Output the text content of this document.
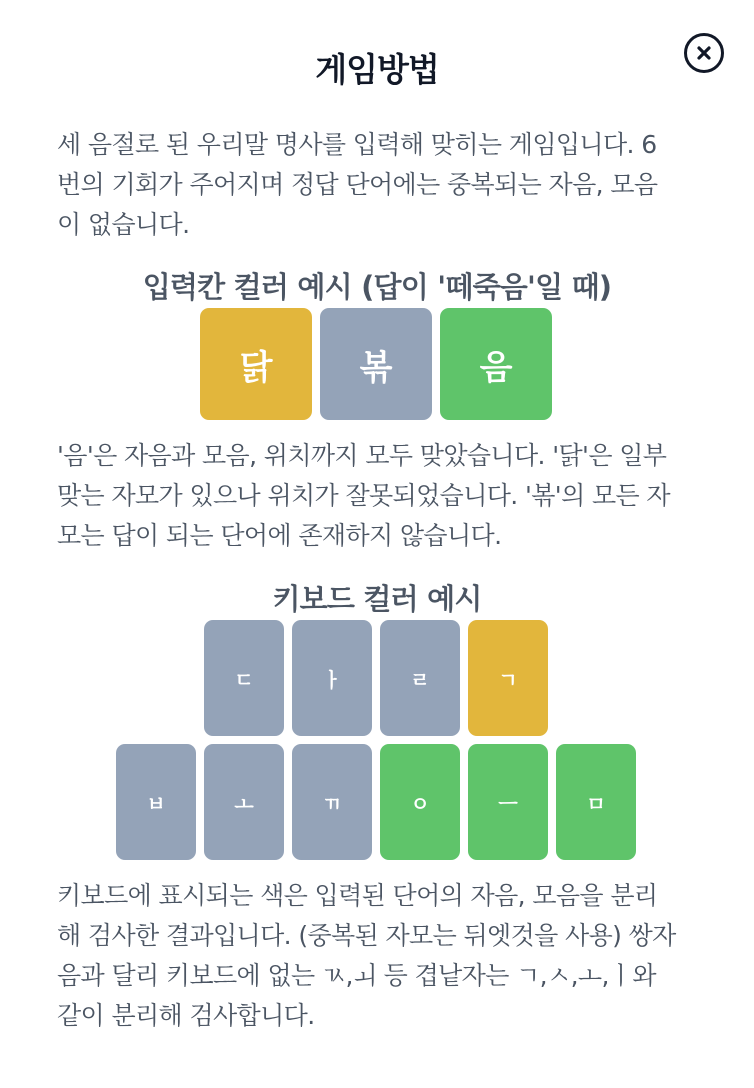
게임방법
세 음절로 된 우리말 명사를 입력해 맞히는 게임입니다. 6
번의 기회가 주어지며 정답 단어에는 중복되는 자음, 모음
이 없습니다.
입력칸 컬러 예시 (답이 '떼죽음'일 때)
닭	볶	음
'음'은 자음과 모음, 위치까지 모두 맞았습니다. '닭'은 일부
맞는 자모가 있으나 위치가 잘못되었습니다. '볶'의 모든 자
모는 답이 되는 단어에 존재하지 않습니다.
키보드 컬러 예시
ㄷ	ㅏ	ㄹ	ㄱ
ㅂ	ㅗ	ㄲ	ㅇ	ㅡ	ㅁ
키보드에 표시되는 색은 입력된 단어의 자음, 모음을 분리
해 검사한 결과입니다. (중복된 자모는 뒤엣것을 사용) 쌍자
음과 달리 키보드에 없는 ㄳ,ㅚ 등 겹낱자는 ㄱ,ㅅ,ㅗ,ㅣ와
같이 분리해 검사합니다.
